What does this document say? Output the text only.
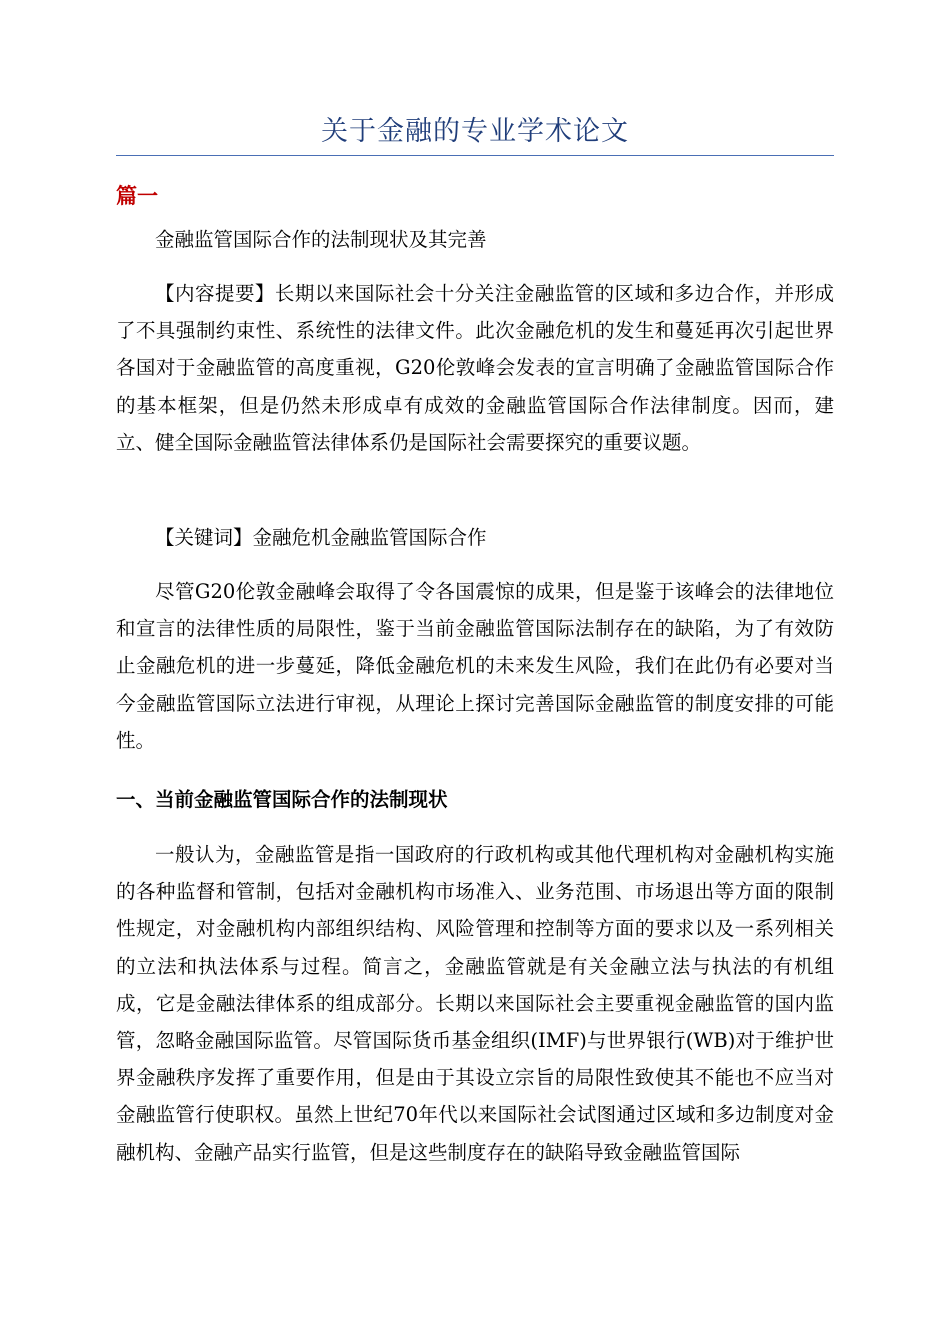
关于金融的专业学术论文
篇一

金融监管国际合作的法制现状及其完善

【内容提要】长期以来国际社会十分关注金融监管的区域和多边合作，并形成了不具强制约束性、系统性的法律文件。此次金融危机的发生和蔓延再次引起世界各国对于金融监管的高度重视，G20伦敦峰会发表的宣言明确了金融监管国际合作的基本框架，但是仍然未形成卓有成效的金融监管国际合作法律制度。因而，建立、健全国际金融监管法律体系仍是国际社会需要探究的重要议题。

【关键词】金融危机金融监管国际合作

尽管G20伦敦金融峰会取得了令各国震惊的成果，但是鉴于该峰会的法律地位和宣言的法律性质的局限性，鉴于当前金融监管国际法制存在的缺陷，为了有效防止金融危机的进一步蔓延，降低金融危机的未来发生风险，我们在此仍有必要对当今金融监管国际立法进行审视，从理论上探讨完善国际金融监管的制度安排的可能性。

一、当前金融监管国际合作的法制现状

一般认为，金融监管是指一国政府的行政机构或其他代理机构对金融机构实施的各种监督和管制，包括对金融机构市场准入、业务范围、市场退出等方面的限制性规定，对金融机构内部组织结构、风险管理和控制等方面的要求以及一系列相关的立法和执法体系与过程。简言之，金融监管就是有关金融立法与执法的有机组成，它是金融法律体系的组成部分。长期以来国际社会主要重视金融监管的国内监管，忽略金融国际监管。尽管国际货币基金组织(IMF)与世界银行(WB)对于维护世界金融秩序发挥了重要作用，但是由于其设立宗旨的局限性致使其不能也不应当对金融监管行使职权。虽然上世纪70年代以来国际社会试图通过区域和多边制度对金融机构、金融产品实行监管，但是这些制度存在的缺陷导致金融监管国际
